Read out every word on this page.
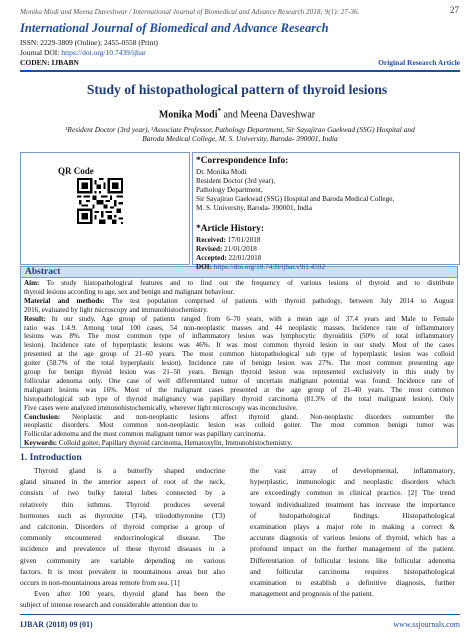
Monika Modi and Meena Daveshwar / International Journal of Biomedical and Advance Research 2018; 9(1): 27-36.	27
International Journal of Biomedical and Advance Research
ISSN: 2229-3809 (Online); 2455-0558 (Print)
Journal DOI: https://doi.org/10.7439/ijbar
CODEN: IJBABN	Original Research Article
Study of histopathological pattern of thyroid lesions
Monika Modi* and Meena Daveshwar
¹Resident Doctor (3rd year), ²Associate Professor, Pathology Department, Sir Sayajirao Gaekwad (SSG) Hospital and
Baroda Medical College, M. S. University, Baroda- 390001, India
QR Code
*Correspondence Info:
Dr. Monika Modi
Resident Doctor (3rd year),
Pathology Department,
Sir Sayajirao Gaekwad (SSG) Hospital and Baroda Medical College,
M. S. University, Baroda- 390001, India
*Article History:
Received: 17/01/2018
Revised: 21/01/2018
Accepted: 22/01/2018
Abstract
Aim: To study histopathological features and to find out the frequency of various lesions of thyroid and to distribute
thyroid lesions according to age, sex and benign and malignant behaviour.
Material and methods: The test population comprised of patients with thyroid pathology, between July 2014 to August
2016, evaluated by light microscopy and immunohistochemistry.
Result: In our study, Age group of patients ranged from 6–70 years, with a mean age of 37.4 years and Male to Female
ratio was 1:4.9. Among total 100 cases, 54 non-neoplastic masses and 44 neoplastic masses. Incidence rate of inflammatory
lesions was 8%. The most common type of inflammatory lesion was lymphocytic thyroiditis (50% of total inflammatory
lesion). Incidence rate of hyperplastic lesions was 46%. It was most common thyroid lesion in our study. Most of the cases
presented at the age group of 21–60 years. The most common histopathological sub type of hyperplastic lesion was colloid
goiter (58.7% of the total hyperplastic lesion). Incidence rate of benign lesion was 27%. The most common presenting age
group for benign thyroid lesion was 21–50 years. Benign thyroid lesion was represented exclusively in this study by
follicular adenoma only. One case of well differentiated tumor of uncertain malignant potential was found. Incidence rate of
malignant lesions was 16%. Most of the malignant cases presented at the age group of 21–40 years. The most common
histopathological sub type of thyroid malignancy was papillary thyroid carcinoma (81.3% of the total malignant lesion). Only
Five cases were analyzed immunohistochemically, wherever light microscopy was inconclusive.
Conclusion: Neoplastic and non-neoplastic lesions affect thyroid gland. Non-neoplastic disorders outnumber the
neoplastic disorders. Most common non-neoplastic lesion was colloid goiter. The most common benign tumor was
Follicular adenoma and the most common malignant tumor was papillary carcinoma.
Keywords: Colloid goiter, Papillary thyroid carcinoma, Hematoxylin, Immunohistochemistry.
1. Introduction
Thyroid gland is a butterfly shaped endocrine
gland situated in the anterior aspect of root of the neck,
consists of two bulky lateral lobes connected by a
relatively thin isthmus. Thyroid produces several
hormones such as thyroxine (T4), triiodothyronine (T3)
and calcitonin. Disorders of thyroid comprise a group of
commonly encountered endocrinological disease. The
incidence and prevalence of these thyroid diseases in a
given community are variable depending on various
factors. It is most prevalent in mountainous areas but also
occurs in non-mountainous areas remote from sea. [1]
Even after 100 years, thyroid gland has been the
subject of intense research and considerable attention due to
the vast array of developmental, inflammatory,
hyperplastic, immunologic and neoplastic disorders which
are exceedingly common in clinical practice. [2] The trend
toward individualized treatment has increase the importance
of histopathological findings. Histopathological
examination plays a major role in making a correct &
accurate diagnosis of various lesions of thyroid, which has a
profound impact on the further management of the patient.
Differentiation of follicular lesions like follicular adenoma
and follicular carcinoma requires histopathological
examination to establish a definitive diagnosis, further
management and prognosis of the patient.
IJBAR (2018) 09 (01)	www.ssjournals.com
DOI: https://doi.org/10.7439/ijbar.v9i1.4592
